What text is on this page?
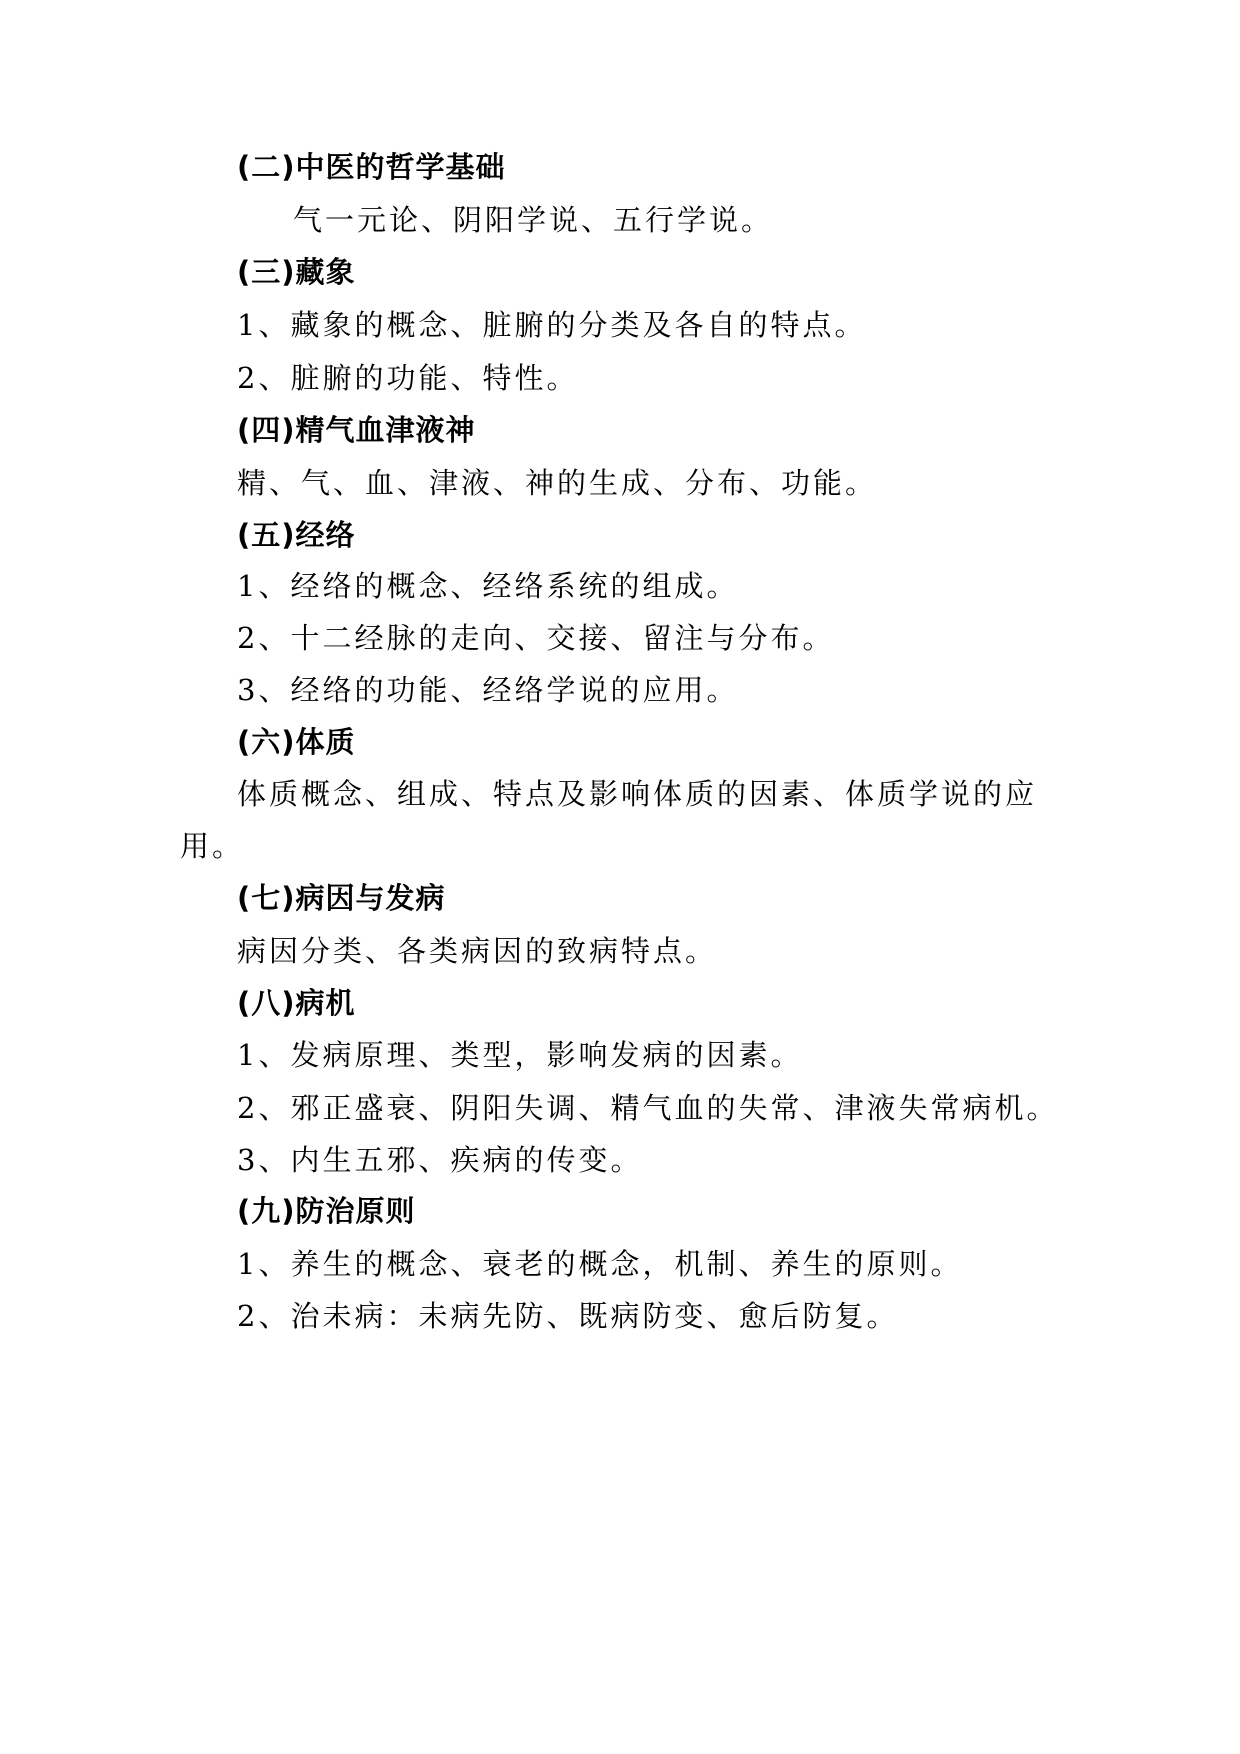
(二)中医的哲学基础
气一元论、阴阳学说、五行学说。
(三)藏象
1、藏象的概念、脏腑的分类及各自的特点。
2、脏腑的功能、特性。
(四)精气血津液神
精、气、血、津液、神的生成、分布、功能。
(五)经络
1、经络的概念、经络系统的组成。
2、十二经脉的走向、交接、留注与分布。
3、经络的功能、经络学说的应用。
(六)体质
体质概念、组成、特点及影响体质的因素、体质学说的应
用。
(七)病因与发病
病因分类、各类病因的致病特点。
(八)病机
1、发病原理、类型，影响发病的因素。
2、邪正盛衰、阴阳失调、精气血的失常、津液失常病机。
3、内生五邪、疾病的传变。
(九)防治原则
1、养生的概念、衰老的概念，机制、养生的原则。
2、治未病：未病先防、既病防变、愈后防复。
